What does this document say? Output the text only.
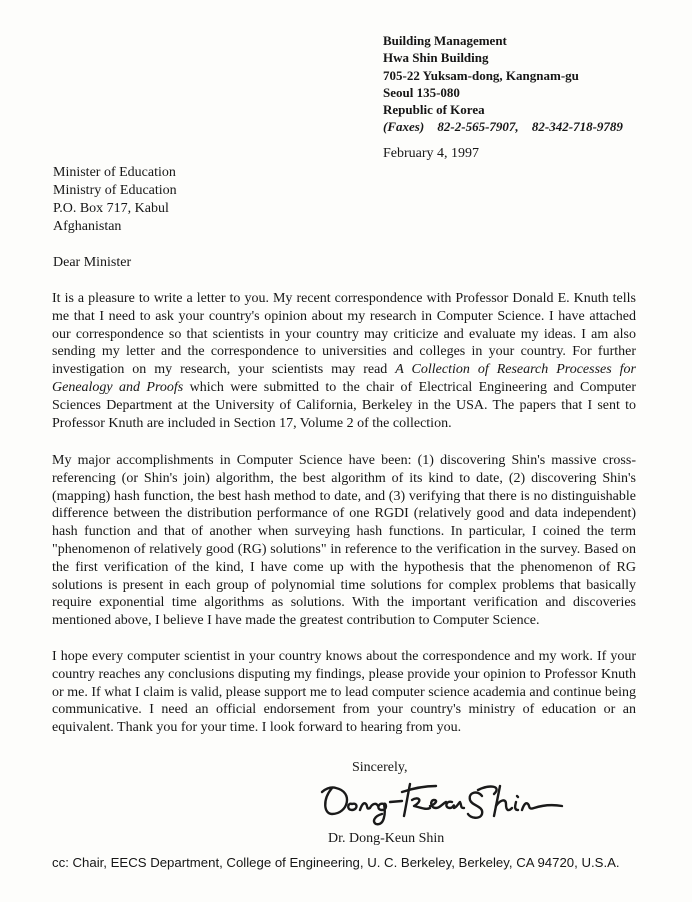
Building Management
Hwa Shin Building
705-22 Yuksam-dong, Kangnam-gu
Seoul 135-080
Republic of Korea
(Faxes) 82-2-565-7907, 82-342-718-9789
February 4, 1997
Minister of Education
Ministry of Education
P.O. Box 717, Kabul
Afghanistan
Dear Minister

It is a pleasure to write a letter to you. My recent correspondence with Professor Donald E. Knuth tells me that I need to ask your country's opinion about my research in Computer Science. I have attached our correspondence so that scientists in your country may criticize and evaluate my ideas. I am also sending my letter and the correspondence to universities and colleges in your country. For further investigation on my research, your scientists may read A Collection of Research Processes for Genealogy and Proofs which were submitted to the chair of Electrical Engineering and Computer Sciences Department at the University of California, Berkeley in the USA. The papers that I sent to Professor Knuth are included in Section 17, Volume 2 of the collection.

My major accomplishments in Computer Science have been: (1) discovering Shin's massive cross-referencing (or Shin's join) algorithm, the best algorithm of its kind to date, (2) discovering Shin's (mapping) hash function, the best hash method to date, and (3) verifying that there is no distinguishable difference between the distribution performance of one RGDI (relatively good and data independent) hash function and that of another when surveying hash functions. In particular, I coined the term "phenomenon of relatively good (RG) solutions" in reference to the verification in the survey. Based on the first verification of the kind, I have come up with the hypothesis that the phenomenon of RG solutions is present in each group of polynomial time solutions for complex problems that basically require exponential time algorithms as solutions. With the important verification and discoveries mentioned above, I believe I have made the greatest contribution to Computer Science.

I hope every computer scientist in your country knows about the correspondence and my work. If your country reaches any conclusions disputing my findings, please provide your opinion to Professor Knuth or me. If what I claim is valid, please support me to lead computer science academia and continue being communicative. I need an official endorsement from your country's ministry of education or an equivalent. Thank you for your time. I look forward to hearing from you.

Sincerely,
Dr. Dong-Keun Shin
cc: Chair, EECS Department, College of Engineering, U. C. Berkeley, Berkeley, CA 94720, U.S.A.
